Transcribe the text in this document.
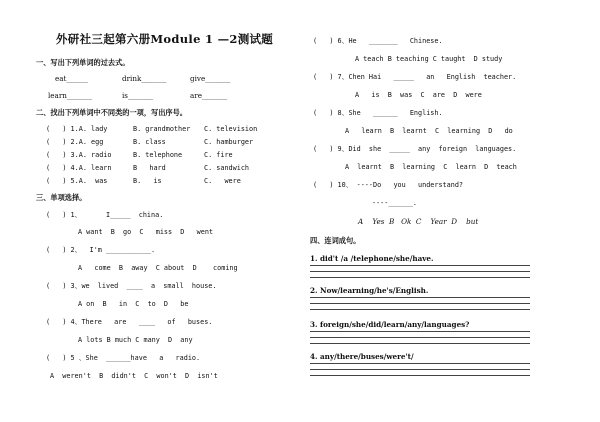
外研社三起第六册Module 1 —2测试题
一、写出下列单词的过去式。
eat______	drink_______	give_______
learn_______	is_______	are_______
二、找出下列单词中不同类的一项，写出序号。
(   ) 1.A. lady	B. grandmother C. television
(   ) 2.A. egg	B. class	C. hamburger
(   ) 3.A. radio	B. telephone	C. fire
(   ) 4.A. learn	B   hard	C. sandwich
(   ) 5.A.  was	B.   is	C.   were
三、单项选择。
(   ) 1、      I_____  china.
A want  B  go  C   miss  D   went
(   ) 2、  I'm ___________.
A   come  B  away  C about  D    coming
(   ) 3、we  lived  ____  a  small  house.
A on  B   in  C  to  D   be
(   ) 4、There   are   ____   of   buses.
A lots B much C many  D  any
(   ) 5 、She  ______have   a   radio.
A  weren't  B  didn't  C  won't  D  isn't
(   ) 6、He   _______   Chinese.
A teach B teaching C taught  D study
(   ) 7、Chen Hai   _____   an   English  teacher.
A   is  B  was  C  are  D  were
(   ) 8、She   ______   English.
A   learn  B  learnt  C  learning  D   do
(   ) 9、Did  she  _____  any  foreign  languages.
A  learnt  B  learning  C  learn  D  teach
(   ) 10、 ----Do   you   understand?
----______.
A    Yes  B   Ok  C    Year  D    but
四、连词成句。
1. did't /a /telephone/she/have.
2. Now/learning/he's/English.
3. foreign/she/did/learn/any/languages?
4. any/there/buses/were't/
